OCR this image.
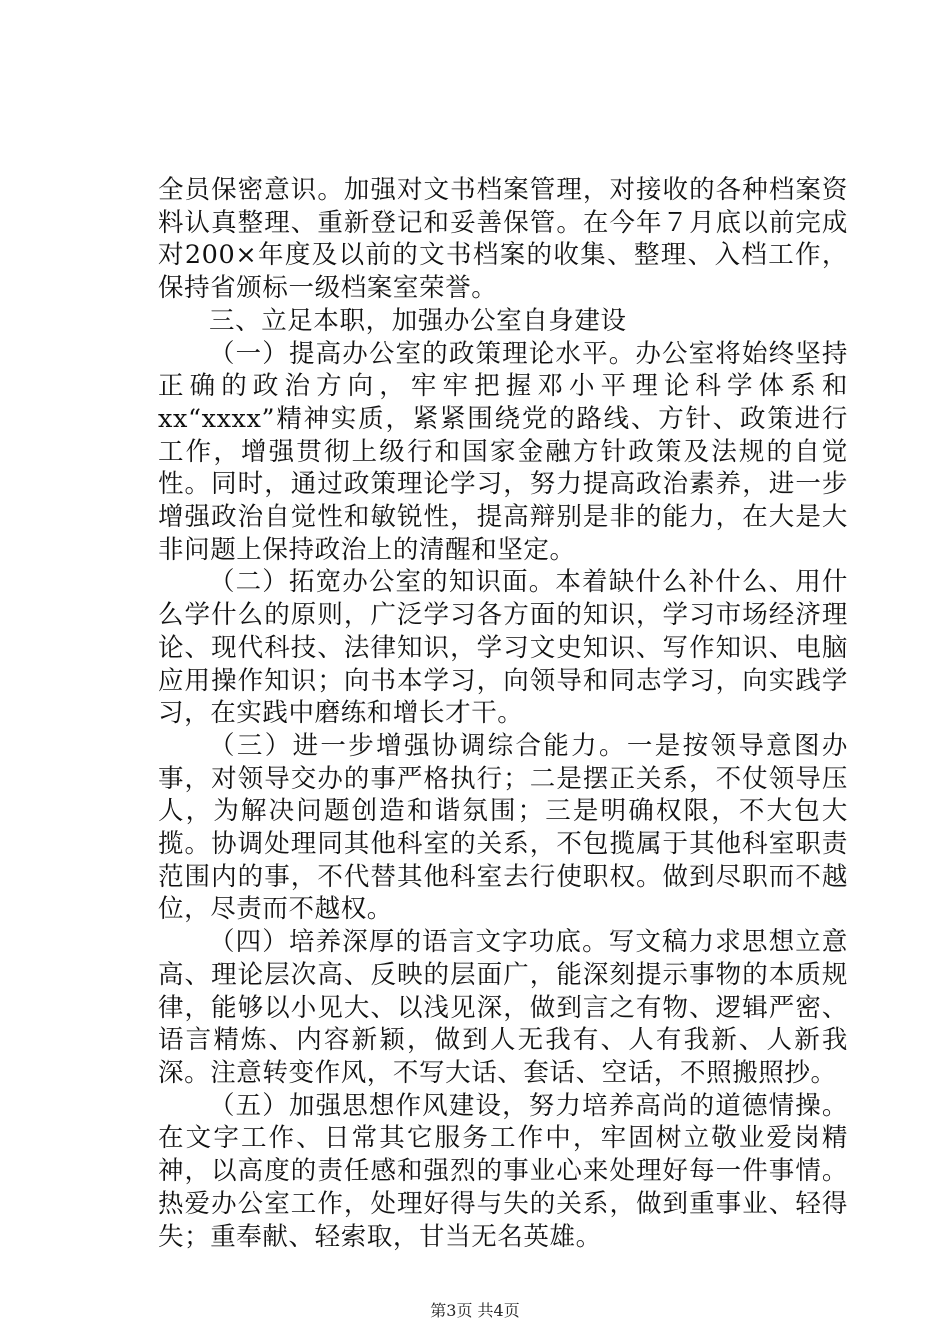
全员保密意识。加强对文书档案管理，对接收的各种档案资料认真整理、重新登记和妥善保管。在今年７月底以前完成对200×年度及以前的文书档案的收集、整理、入档工作，保持省颁标一级档案室荣誉。

三、立足本职，加强办公室自身建设

（一）提高办公室的政策理论水平。办公室将始终坚持正确的政治方向，牢牢把握邓小平理论科学体系和xx“xxxx”精神实质，紧紧围绕党的路线、方针、政策进行工作，增强贯彻上级行和国家金融方针政策及法规的自觉性。同时，通过政策理论学习，努力提高政治素养，进一步增强政治自觉性和敏锐性，提高辩别是非的能力，在大是大非问题上保持政治上的清醒和坚定。

（二）拓宽办公室的知识面。本着缺什么补什么、用什么学什么的原则，广泛学习各方面的知识，学习市场经济理论、现代科技、法律知识，学习文史知识、写作知识、电脑应用操作知识；向书本学习，向领导和同志学习，向实践学习，在实践中磨练和增长才干。

（三）进一步增强协调综合能力。一是按领导意图办事，对领导交办的事严格执行；二是摆正关系，不仗领导压人，为解决问题创造和谐氛围；三是明确权限，不大包大揽。协调处理同其他科室的关系，不包揽属于其他科室职责范围内的事，不代替其他科室去行使职权。做到尽职而不越位，尽责而不越权。

（四）培养深厚的语言文字功底。写文稿力求思想立意高、理论层次高、反映的层面广，能深刻提示事物的本质规律，能够以小见大、以浅见深，做到言之有物、逻辑严密、语言精炼、内容新颖，做到人无我有、人有我新、人新我深。注意转变作风，不写大话、套话、空话，不照搬照抄。

（五）加强思想作风建设，努力培养高尚的道德情操。在文字工作、日常其它服务工作中，牢固树立敬业爱岗精神，以高度的责任感和强烈的事业心来处理好每一件事情。热爱办公室工作，处理好得与失的关系，做到重事业、轻得失；重奉献、轻索取，甘当无名英雄。

第3页 共4页
